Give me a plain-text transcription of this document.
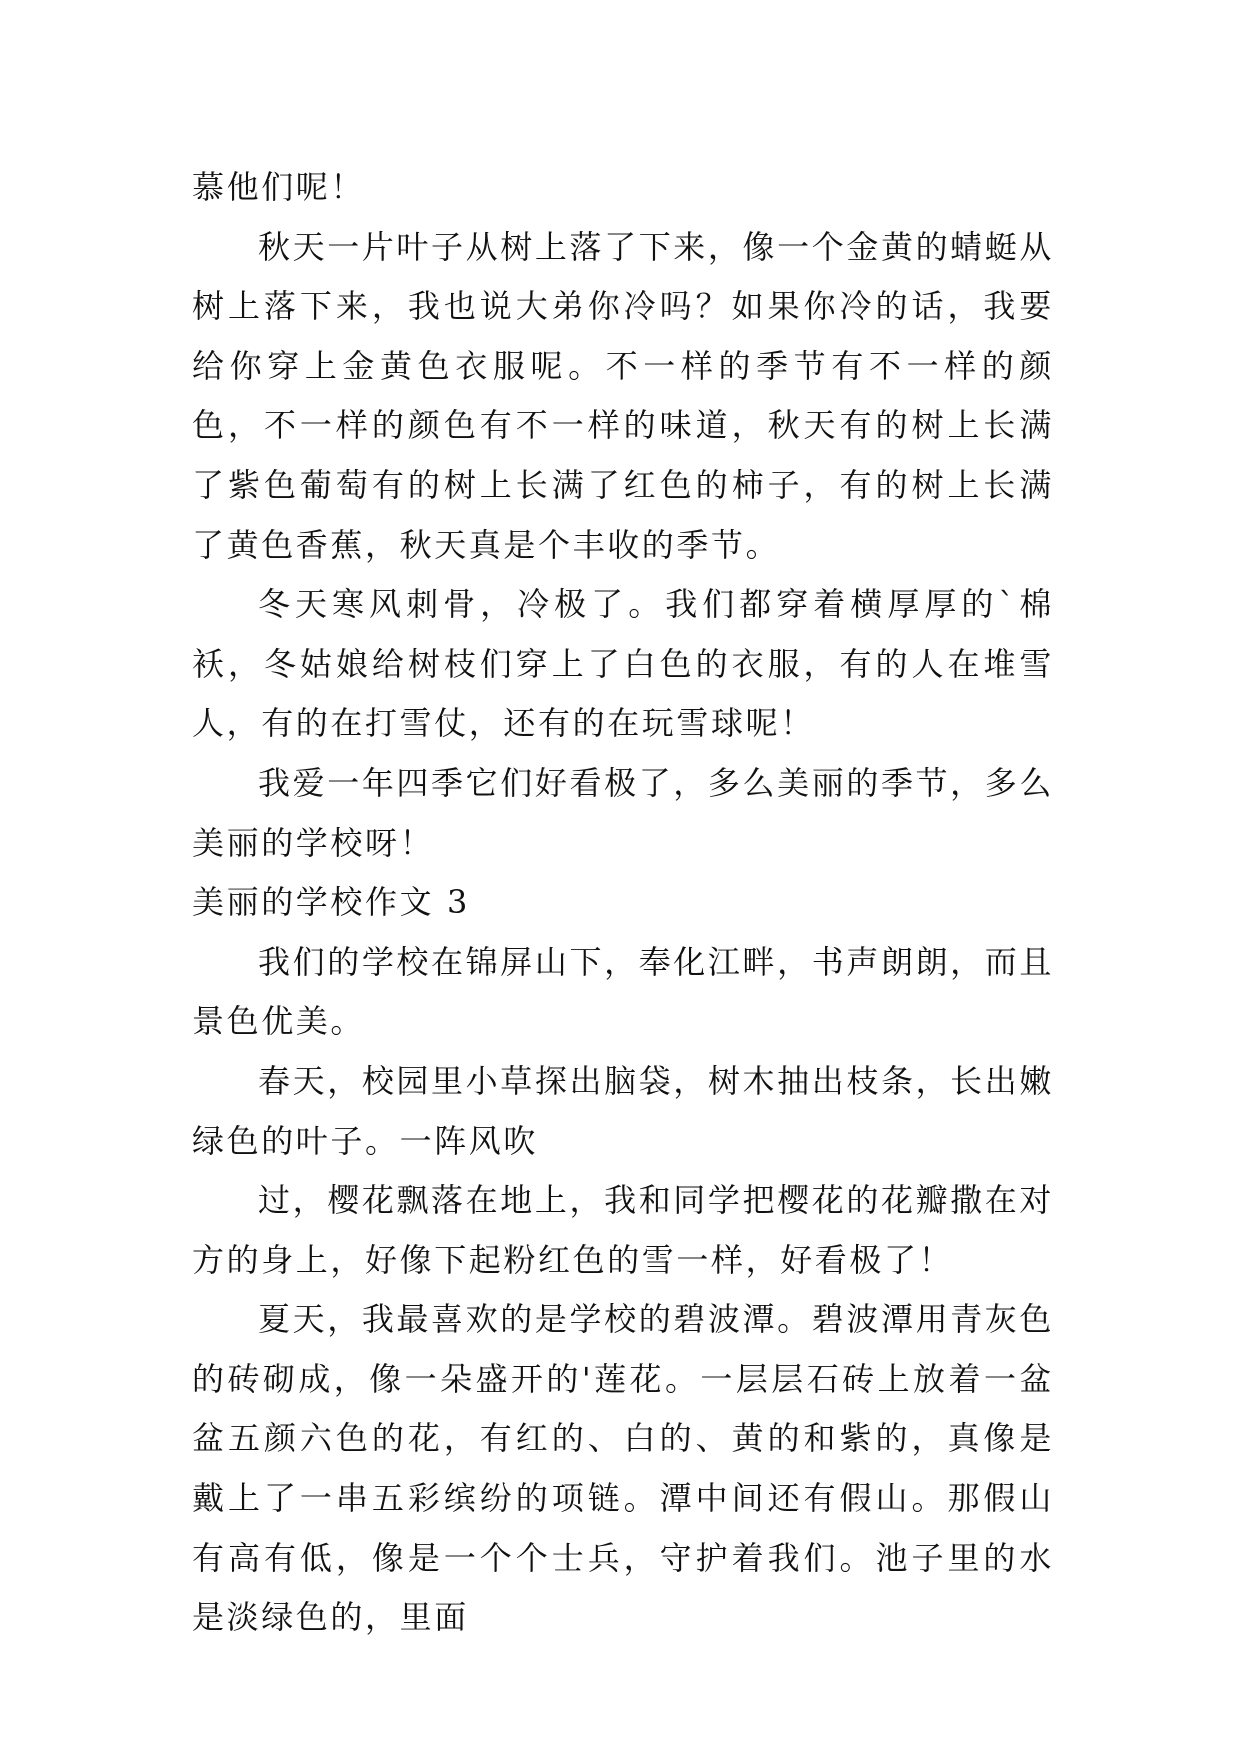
慕他们呢！

秋天一片叶子从树上落了下来，像一个金黄的蜻蜓从树上落下来，我也说大弟你冷吗？如果你冷的话，我要给你穿上金黄色衣服呢。不一样的季节有不一样的颜色，不一样的颜色有不一样的味道，秋天有的树上长满了紫色葡萄有的树上长满了红色的柿子，有的树上长满了黄色香蕉，秋天真是个丰收的季节。

冬天寒风刺骨，冷极了。我们都穿着横厚厚的`棉袄，冬姑娘给树枝们穿上了白色的衣服，有的人在堆雪人，有的在打雪仗，还有的在玩雪球呢！

我爱一年四季它们好看极了，多么美丽的季节，多么美丽的学校呀！

美丽的学校作文 3

我们的学校在锦屏山下，奉化江畔，书声朗朗，而且景色优美。

春天，校园里小草探出脑袋，树木抽出枝条，长出嫩绿色的叶子。一阵风吹

过，樱花飘落在地上，我和同学把樱花的花瓣撒在对方的身上，好像下起粉红色的雪一样，好看极了！

夏天，我最喜欢的是学校的碧波潭。碧波潭用青灰色的砖砌成，像一朵盛开的'莲花。一层层石砖上放着一盆盆五颜六色的花，有红的、白的、黄的和紫的，真像是戴上了一串五彩缤纷的项链。潭中间还有假山。那假山有高有低，像是一个个士兵，守护着我们。池子里的水是淡绿色的，里面
